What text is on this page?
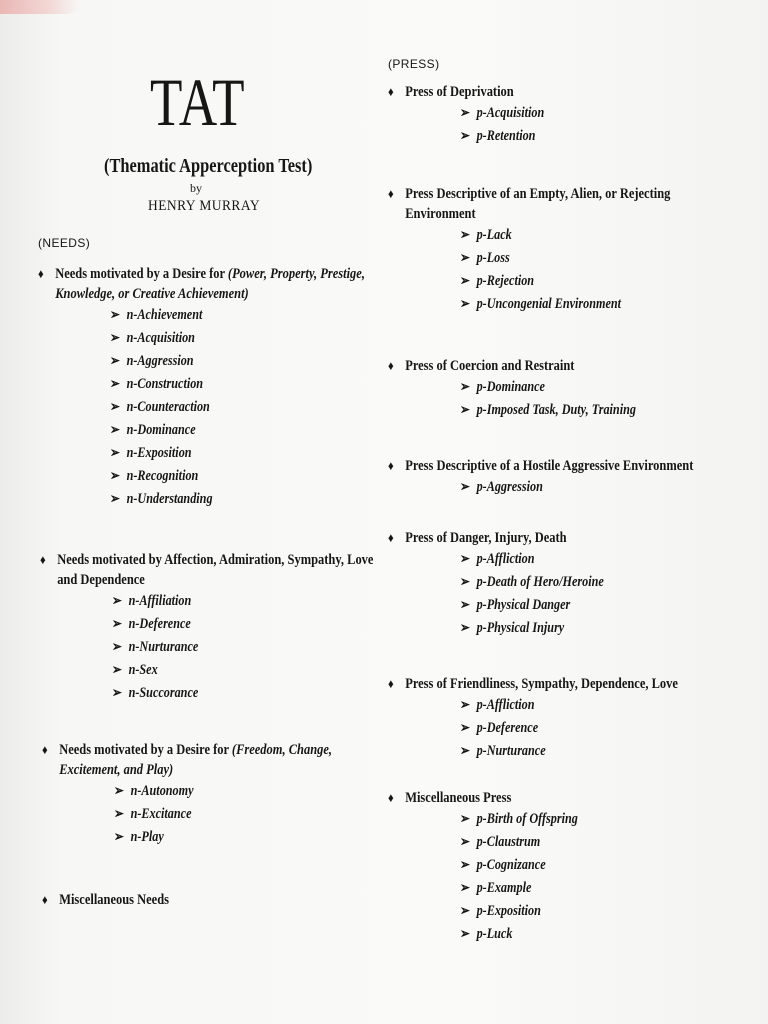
TAT
(Thematic Apperception Test)
by
HENRY MURRAY
(NEEDS)
(PRESS)
♦ Needs motivated by a Desire for (Power, Property, Prestige,
Knowledge, or Creative Achievement)
➢ n-Achievement
➢ n-Acquisition
➢ n-Aggression
➢ n-Construction
➢ n-Counteraction
➢ n-Dominance
➢ n-Exposition
➢ n-Recognition
➢ n-Understanding
♦ Needs motivated by Affection, Admiration, Sympathy, Love
and Dependence
➢ n-Affiliation
➢ n-Deference
➢ n-Nurturance
➢ n-Sex
➢ n-Succorance
♦ Needs motivated by a Desire for (Freedom, Change,
Excitement, and Play)
➢ n-Autonomy
➢ n-Excitance
➢ n-Play
♦ Miscellaneous Needs
♦ Press of Deprivation
➢ p-Acquisition
➢ p-Retention
♦ Press Descriptive of an Empty, Alien, or Rejecting
Environment
➢ p-Lack
➢ p-Loss
➢ p-Rejection
➢ p-Uncongenial Environment
♦ Press of Coercion and Restraint
➢ p-Dominance
➢ p-Imposed Task, Duty, Training
♦ Press Descriptive of a Hostile Aggressive Environment
➢ p-Aggression
♦ Press of Danger, Injury, Death
➢ p-Affliction
➢ p-Death of Hero/Heroine
➢ p-Physical Danger
➢ p-Physical Injury
♦ Press of Friendliness, Sympathy, Dependence, Love
➢ p-Affliction
➢ p-Deference
➢ p-Nurturance
♦ Miscellaneous Press
➢ p-Birth of Offspring
➢ p-Claustrum
➢ p-Cognizance
➢ p-Example
➢ p-Exposition
➢ p-Luck
